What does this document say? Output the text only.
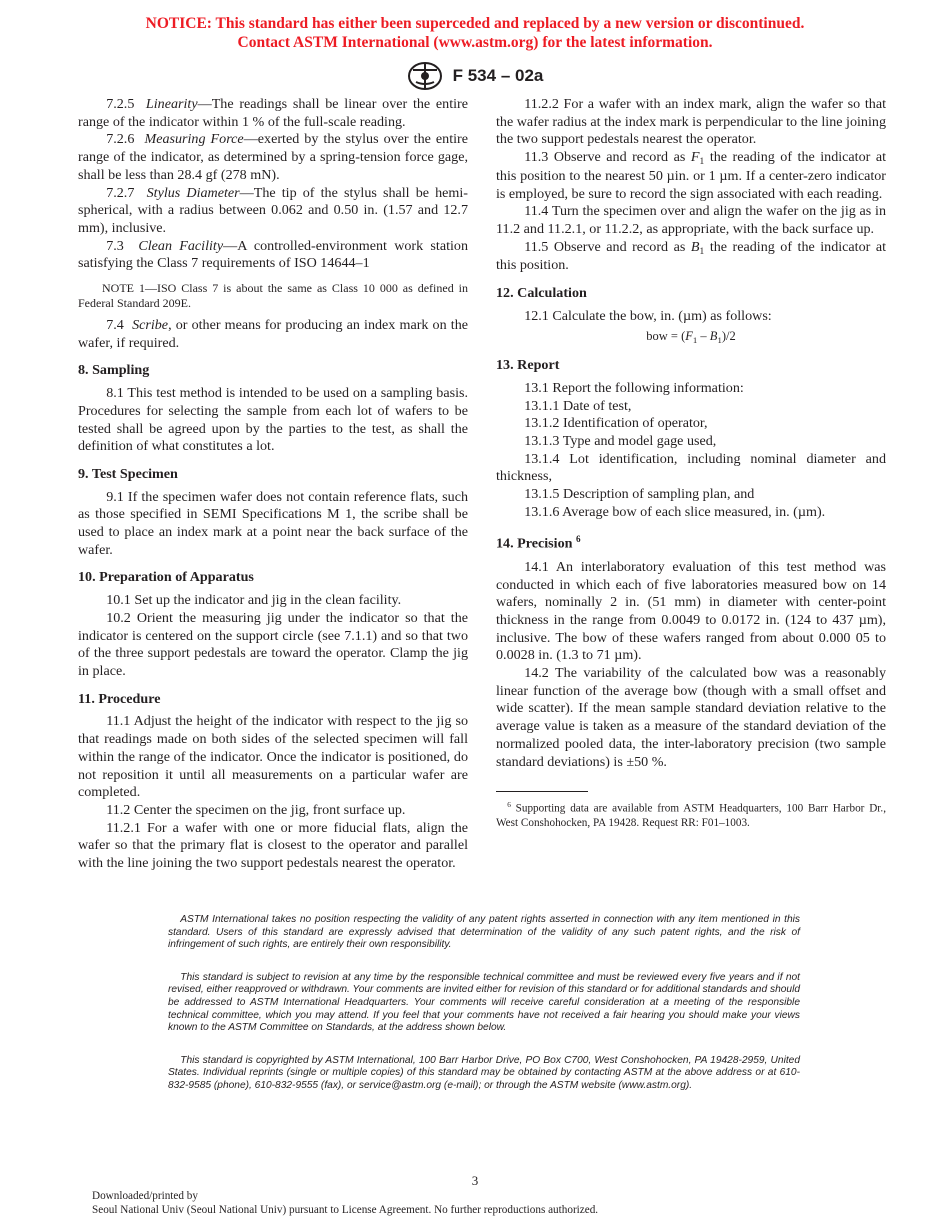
NOTICE: This standard has either been superceded and replaced by a new version or discontinued.
Contact ASTM International (www.astm.org) for the latest information.
F 534 – 02a

7.2.5 Linearity—The readings shall be linear over the entire range of the indicator within 1 % of the full-scale reading.

7.2.6 Measuring Force—exerted by the stylus over the entire range of the indicator, as determined by a spring-tension force gage, shall be less than 28.4 gf (278 mN).

7.2.7 Stylus Diameter—The tip of the stylus shall be hemi-spherical, with a radius between 0.062 and 0.50 in. (1.57 and 12.7 mm), inclusive.

7.3 Clean Facility—A controlled-environment work station satisfying the Class 7 requirements of ISO 14644–1

NOTE 1—ISO Class 7 is about the same as Class 10 000 as defined in Federal Standard 209E.

7.4 Scribe, or other means for producing an index mark on the wafer, if required.

8. Sampling

8.1 This test method is intended to be used on a sampling basis. Procedures for selecting the sample from each lot of wafers to be tested shall be agreed upon by the parties to the test, as shall the definition of what constitutes a lot.

9. Test Specimen

9.1 If the specimen wafer does not contain reference flats, such as those specified in SEMI Specifications M 1, the scribe shall be used to place an index mark at a point near the back surface of the wafer.

10. Preparation of Apparatus

10.1 Set up the indicator and jig in the clean facility.

10.2 Orient the measuring jig under the indicator so that the indicator is centered on the support circle (see 7.1.1) and so that two of the three support pedestals are toward the operator. Clamp the jig in place.

11. Procedure

11.1 Adjust the height of the indicator with respect to the jig so that readings made on both sides of the selected specimen will fall within the range of the indicator. Once the indicator is positioned, do not reposition it until all measurements on a particular wafer are completed.

11.2 Center the specimen on the jig, front surface up.

11.2.1 For a wafer with one or more fiducial flats, align the wafer so that the primary flat is closest to the operator and parallel with the line joining the two support pedestals nearest the operator.

11.2.2 For a wafer with an index mark, align the wafer so that the wafer radius at the index mark is perpendicular to the line joining the two support pedestals nearest the operator.

11.3 Observe and record as $F_1$ the reading of the indicator at this position to the nearest 50 µin. or 1 µm. If a center-zero indicator is employed, be sure to record the sign associated with each reading.

11.4 Turn the specimen over and align the wafer on the jig as in 11.2 and 11.2.1, or 11.2.2, as appropriate, with the back surface up.

11.5 Observe and record as $B_1$ the reading of the indicator at this position.

12. Calculation

12.1 Calculate the bow, in. (µm) as follows:

bow = $(F_1 - B_1)/2$

13. Report

13.1 Report the following information:

13.1.1 Date of test,

13.1.2 Identification of operator,

13.1.3 Type and model gage used,

13.1.4 Lot identification, including nominal diameter and thickness,

13.1.5 Description of sampling plan, and

13.1.6 Average bow of each slice measured, in. (µm).

14. Precision $^6$

14.1 An interlaboratory evaluation of this test method was conducted in which each of five laboratories measured bow on 14 wafers, nominally 2 in. (51 mm) in diameter with center-point thickness in the range from 0.0049 to 0.0172 in. (124 to 437 µm), inclusive. The bow of these wafers ranged from about 0.000 05 to 0.0028 in. (1.3 to 71 µm).

14.2 The variability of the calculated bow was a reasonably linear function of the average bow (though with a small offset and wide scatter). If the mean sample standard deviation relative to the average value is taken as a measure of the standard deviation of the normalized pooled data, the inter-laboratory precision (two sample standard deviations) is ±50 %.

$^6$ Supporting data are available from ASTM Headquarters, 100 Barr Harbor Dr., West Conshohocken, PA 19428. Request RR: F01–1003.

ASTM International takes no position respecting the validity of any patent rights asserted in connection with any item mentioned in this standard. Users of this standard are expressly advised that determination of the validity of any such patent rights, and the risk of infringement of such rights, are entirely their own responsibility.

This standard is subject to revision at any time by the responsible technical committee and must be reviewed every five years and if not revised, either reapproved or withdrawn. Your comments are invited either for revision of this standard or for additional standards and should be addressed to ASTM International Headquarters. Your comments will receive careful consideration at a meeting of the responsible technical committee, which you may attend. If you feel that your comments have not received a fair hearing you should make your views known to the ASTM Committee on Standards, at the address shown below.

This standard is copyrighted by ASTM International, 100 Barr Harbor Drive, PO Box C700, West Conshohocken, PA 19428-2959, United States. Individual reprints (single or multiple copies) of this standard may be obtained by contacting ASTM at the above address or at 610-832-9585 (phone), 610-832-9555 (fax), or service@astm.org (e-mail); or through the ASTM website (www.astm.org).

3
Downloaded/printed by
Seoul National Univ (Seoul National Univ) pursuant to License Agreement. No further reproductions authorized.
